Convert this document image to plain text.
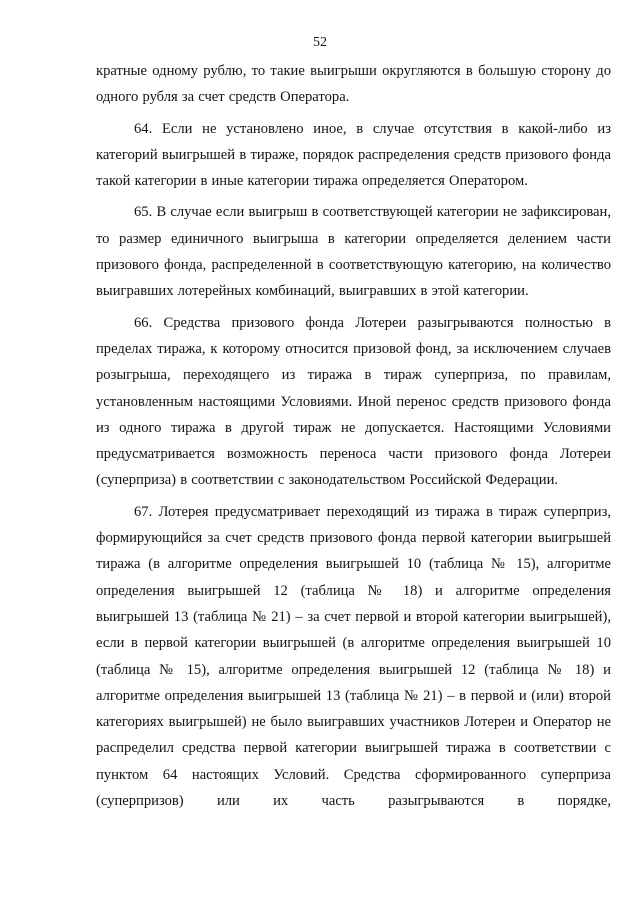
52

кратные одному рублю, то такие выигрыши округляются в большую сторону до одного рубля за счет средств Оператора.

64. Если не установлено иное, в случае отсутствия в какой-либо из категорий выигрышей в тираже, порядок распределения средств призового фонда такой категории в иные категории тиража определяется Оператором.

65. В случае если выигрыш в соответствующей категории не зафиксирован, то размер единичного выигрыша в категории определяется делением части призового фонда, распределенной в соответствующую категорию, на количество выигравших лотерейных комбинаций, выигравших в этой категории.

66. Средства призового фонда Лотереи разыгрываются полностью в пределах тиража, к которому относится призовой фонд, за исключением случаев розыгрыша, переходящего из тиража в тираж суперприза, по правилам, установленным настоящими Условиями. Иной перенос средств призового фонда из одного тиража в другой тираж не допускается. Настоящими Условиями предусматривается возможность переноса части призового фонда Лотереи (суперприза) в соответствии с законодательством Российской Федерации.

67. Лотерея предусматривает переходящий из тиража в тираж суперприз, формирующийся за счет средств призового фонда первой категории выигрышей тиража (в алгоритме определения выигрышей 10 (таблица № 15), алгоритме определения выигрышей 12 (таблица № 18) и алгоритме определения выигрышей 13 (таблица № 21) – за счет первой и второй категории выигрышей), если в первой категории выигрышей (в алгоритме определения выигрышей 10 (таблица № 15), алгоритме определения выигрышей 12 (таблица № 18) и алгоритме определения выигрышей 13 (таблица № 21) – в первой и (или) второй категориях выигрышей) не было выигравших участников Лотереи и Оператор не распределил средства первой категории выигрышей тиража в соответствии с пунктом 64 настоящих Условий. Средства сформированного суперприза (суперпризов) или их часть разыгрываются в порядке,
